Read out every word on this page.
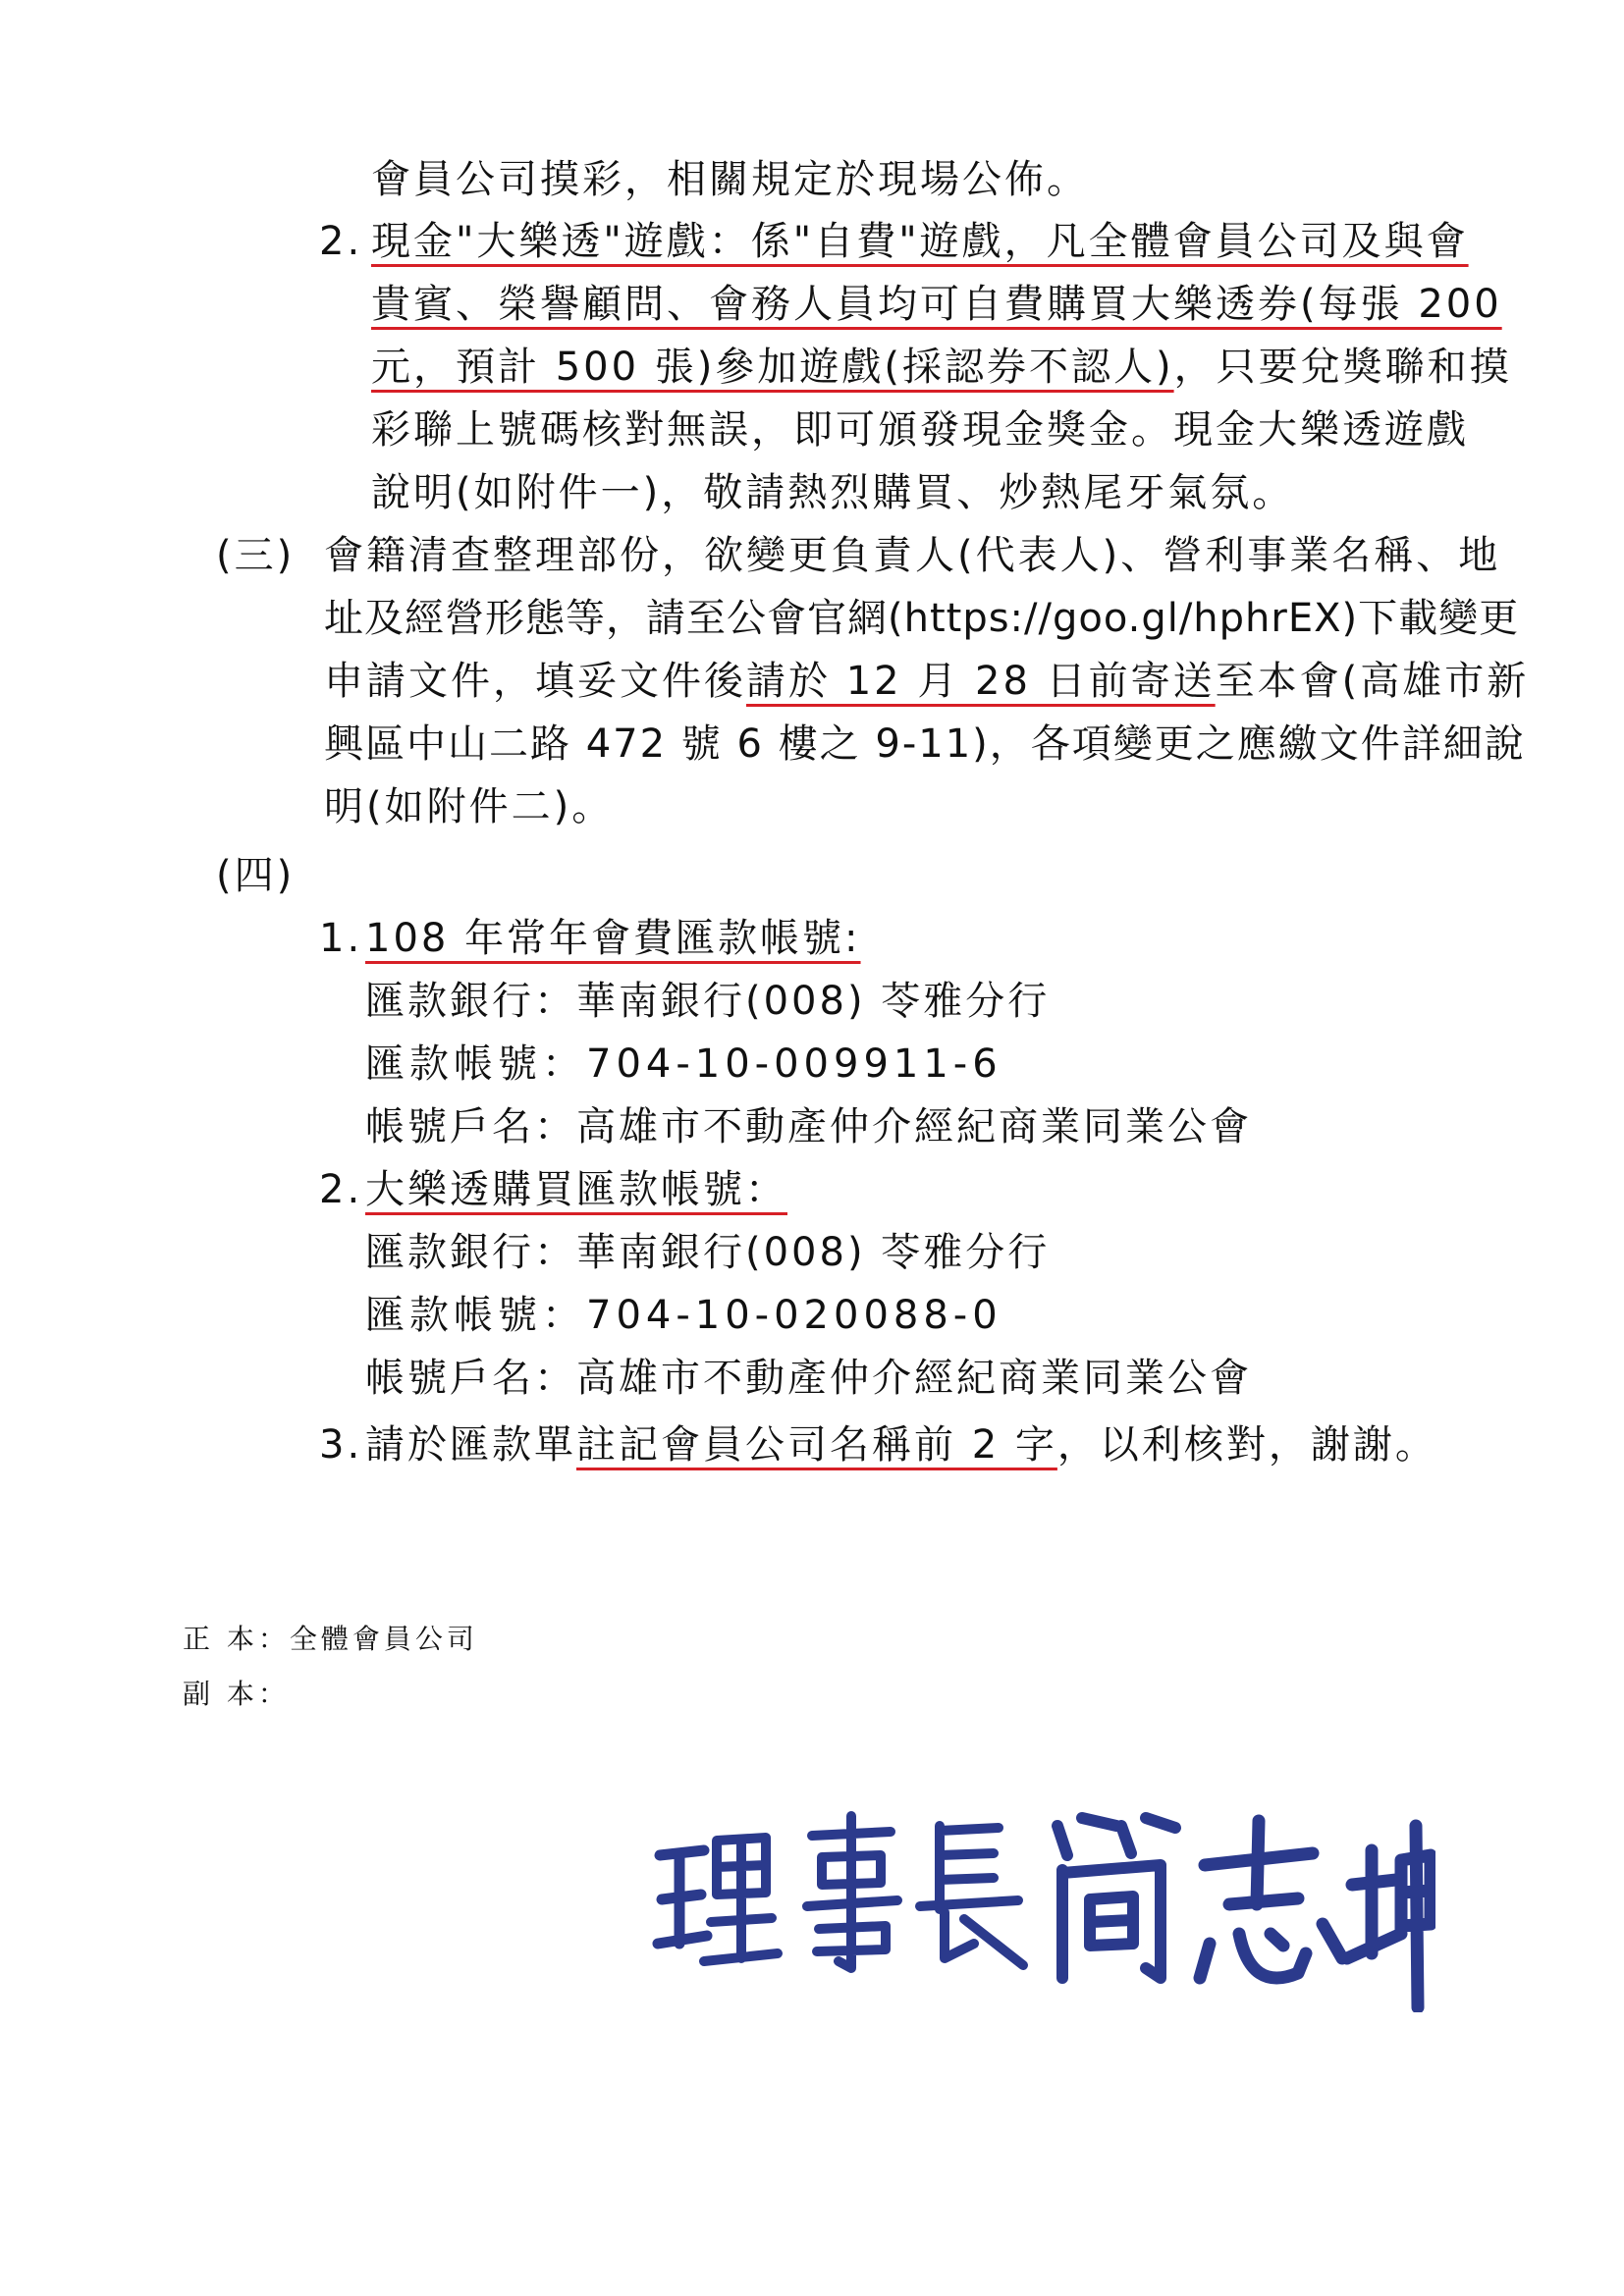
會員公司摸彩，相關規定於現場公佈。
2. 現金"大樂透"遊戲：係"自費"遊戲，凡全體會員公司及與會
貴賓、榮譽顧問、會務人員均可自費購買大樂透券(每張 200
元，預計 500 張)參加遊戲(採認券不認人)，只要兌獎聯和摸
彩聯上號碼核對無誤，即可頒發現金獎金。現金大樂透遊戲
說明(如附件一)，敬請熱烈購買、炒熱尾牙氣氛。
(三) 會籍清查整理部份，欲變更負責人(代表人)、營利事業名稱、地
址及經營形態等，請至公會官網(https://goo.gl/hphrEX)下載變更
申請文件，填妥文件後請於 12 月 28 日前寄送至本會(高雄市新
興區中山二路 472 號 6 樓之 9-11)，各項變更之應繳文件詳細說
明(如附件二)。
(四)
1. 108 年常年會費匯款帳號:
匯款銀行：華南銀行(008) 苓雅分行
匯款帳號：704-10-009911-6
帳號戶名：高雄市不動產仲介經紀商業同業公會
2. 大樂透購買匯款帳號：
匯款銀行：華南銀行(008) 苓雅分行
匯款帳號：704-10-020088-0
帳號戶名：高雄市不動產仲介經紀商業同業公會
3. 請於匯款單註記會員公司名稱前 2 字，以利核對，謝謝。
正 本：全體會員公司
副 本：
